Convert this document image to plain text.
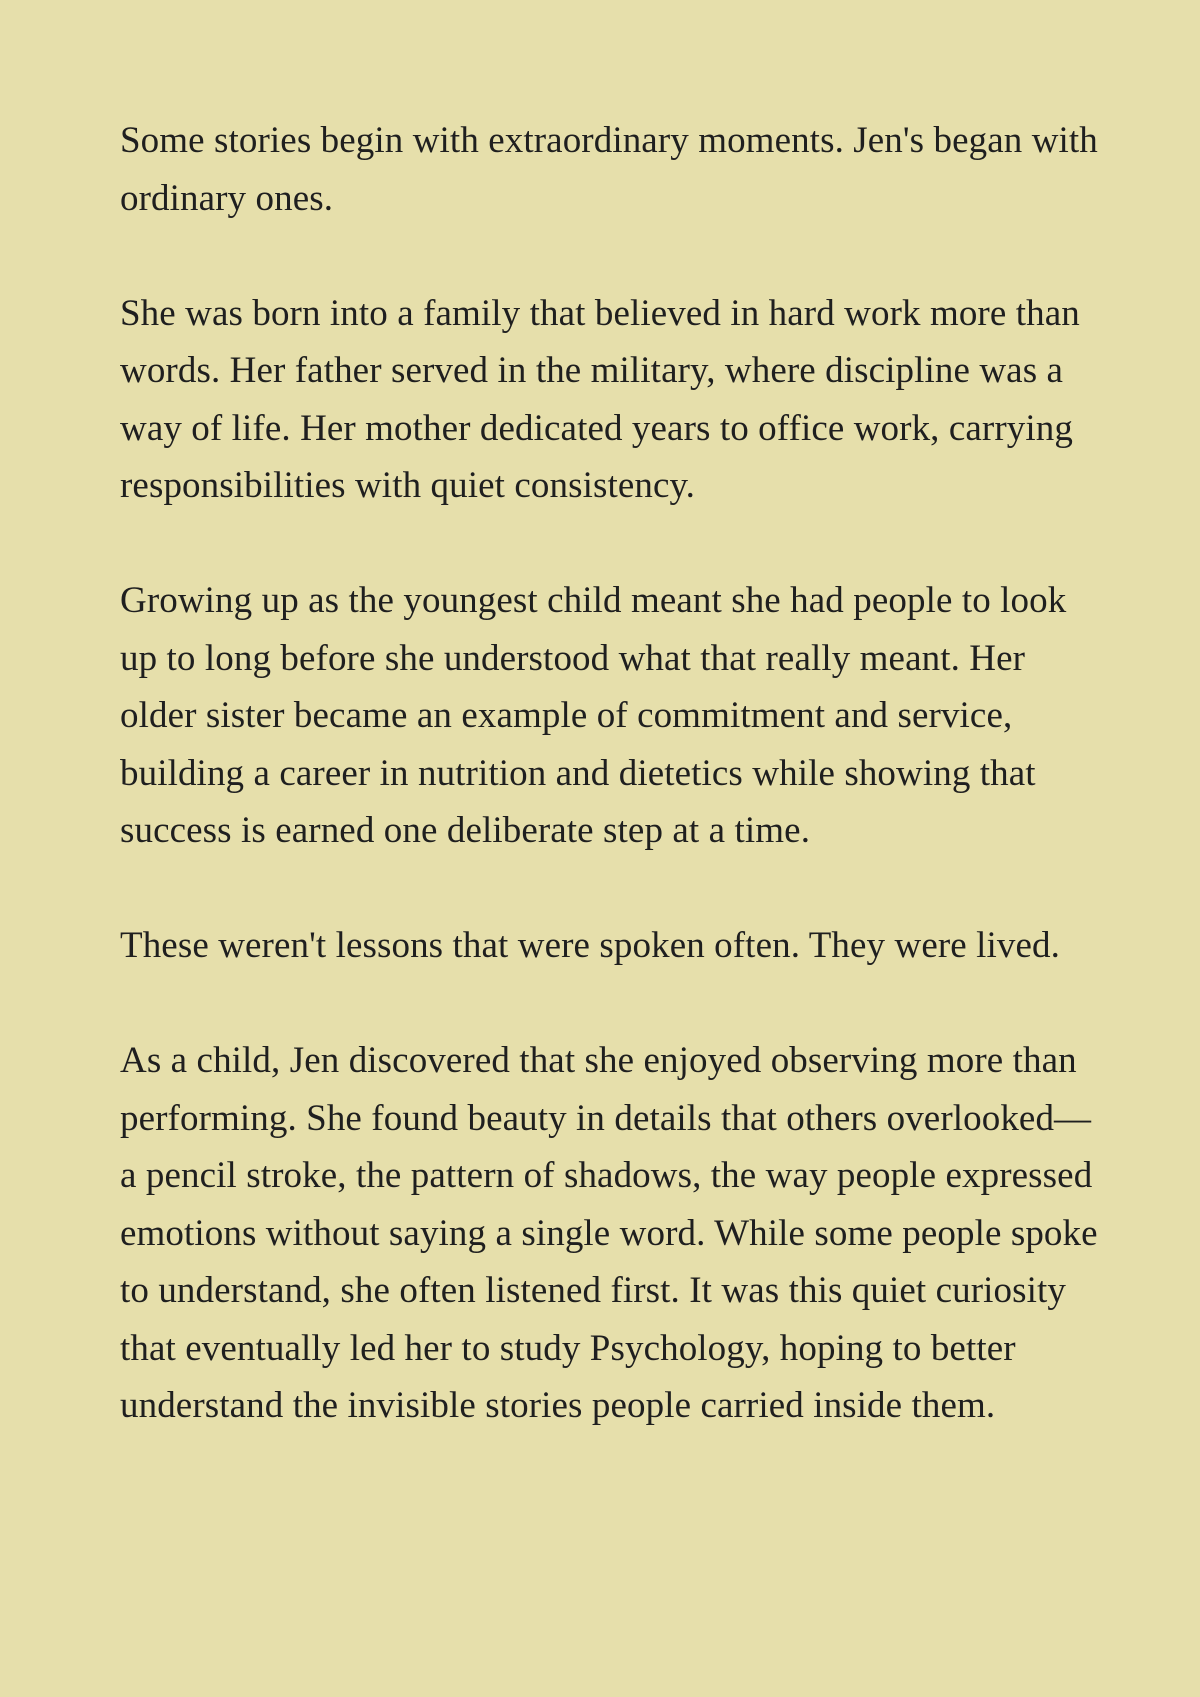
Some stories begin with extraordinary moments. Jen's began with ordinary ones.

She was born into a family that believed in hard work more than words. Her father served in the military, where discipline was a way of life. Her mother dedicated years to office work, carrying responsibilities with quiet consistency.

Growing up as the youngest child meant she had people to look up to long before she understood what that really meant. Her older sister became an example of commitment and service, building a career in nutrition and dietetics while showing that success is earned one deliberate step at a time.

These weren't lessons that were spoken often. They were lived.

As a child, Jen discovered that she enjoyed observing more than performing. She found beauty in details that others overlooked—a pencil stroke, the pattern of shadows, the way people expressed emotions without saying a single word. While some people spoke to understand, she often listened first. It was this quiet curiosity that eventually led her to study Psychology, hoping to better understand the invisible stories people carried inside them.
